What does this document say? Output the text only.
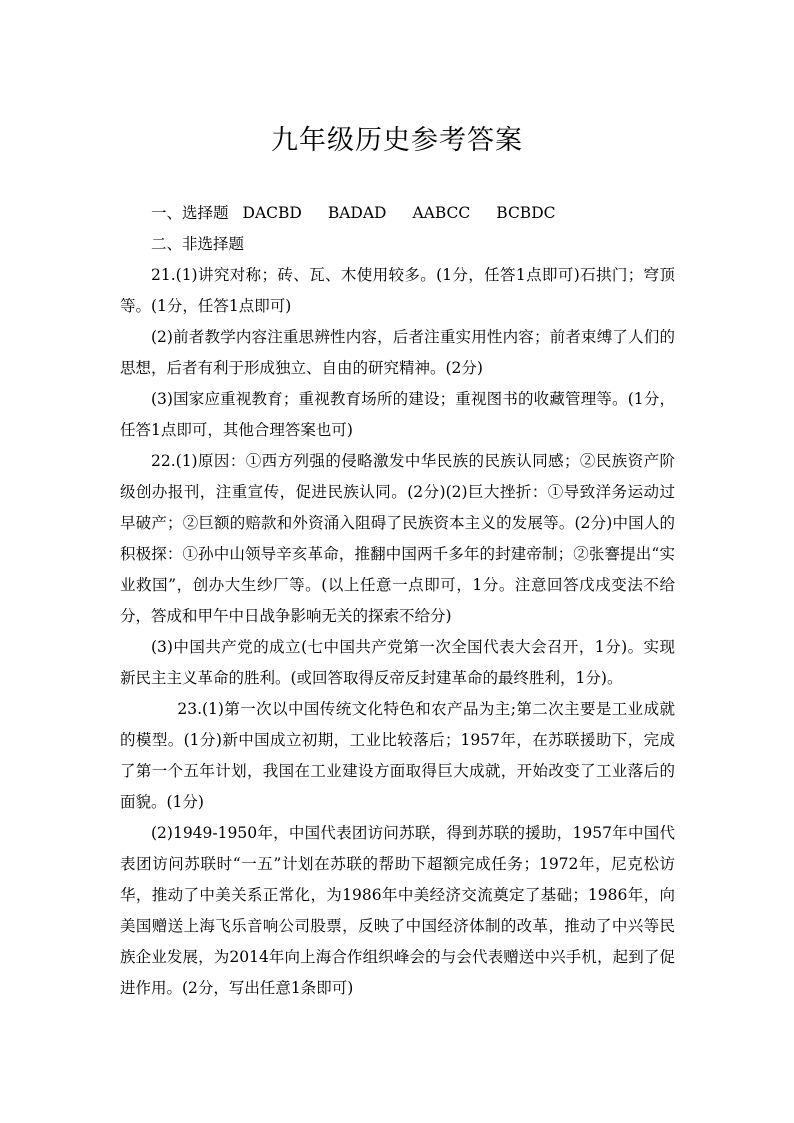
九年级历史参考答案

一、选择题 DACBD BADAD AABCC BCBDC

二、非选择题

21.(1)讲究对称；砖、瓦、木使用较多。(1分，任答1点即可)石拱门；穹顶等。(1分，任答1点即可)

(2)前者教学内容注重思辨性内容，后者注重实用性内容；前者束缚了人们的思想，后者有利于形成独立、自由的研究精神。(2分)

(3)国家应重视教育；重视教育场所的建设；重视图书的收藏管理等。(1分，任答1点即可，其他合理答案也可)

22.(1)原因：①西方列强的侵略激发中华民族的民族认同感；②民族资产阶级创办报刊，注重宣传，促进民族认同。(2分)(2)巨大挫折：①导致洋务运动过早破产；②巨额的赔款和外资涌入阻碍了民族资本主义的发展等。(2分)中国人的积极探：①孙中山领导辛亥革命，推翻中国两千多年的封建帝制；②张謇提出“实业救国”，创办大生纱厂等。(以上任意一点即可，1分。注意回答戊戌变法不给分，答成和甲午中日战争影响无关的探索不给分)

(3)中国共产党的成立(七中国共产党第一次全国代表大会召开，1分)。实现新民主主义革命的胜利。(或回答取得反帝反封建革命的最终胜利，1分)。

23.(1)第一次以中国传统文化特色和农产品为主;第二次主要是工业成就的模型。(1分)新中国成立初期，工业比较落后；1957年，在苏联援助下，完成了第一个五年计划，我国在工业建设方面取得巨大成就，开始改变了工业落后的面貌。(1分)

(2)1949-1950年，中国代表团访问苏联，得到苏联的援助，1957年中国代表团访问苏联时“一五”计划在苏联的帮助下超额完成任务；1972年，尼克松访华，推动了中美关系正常化，为1986年中美经济交流奠定了基础；1986年，向美国赠送上海飞乐音响公司股票，反映了中国经济体制的改革，推动了中兴等民族企业发展，为2014年向上海合作组织峰会的与会代表赠送中兴手机，起到了促进作用。(2分，写出任意1条即可)
